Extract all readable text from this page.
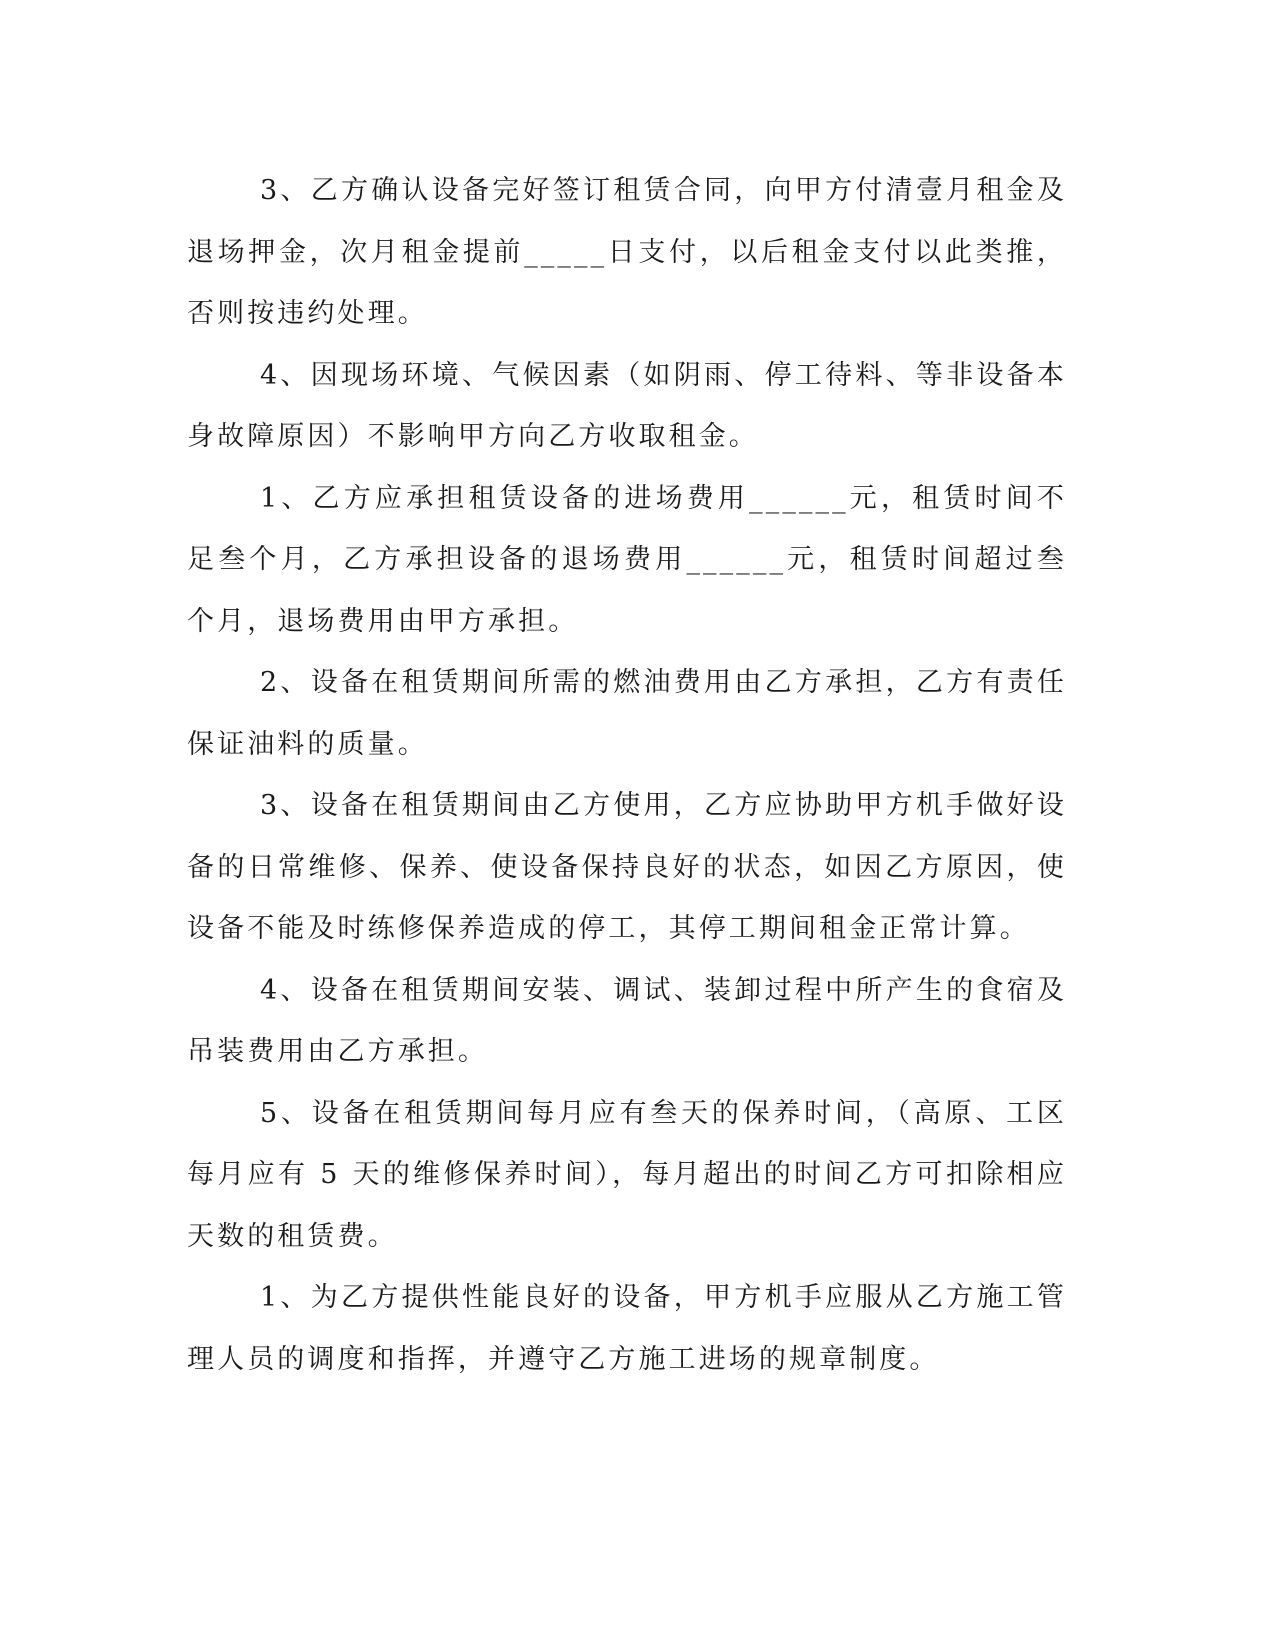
3、乙方确认设备完好签订租赁合同，向甲方付清壹月租金及退场押金，次月租金提前_____日支付，以后租金支付以此类推，否则按违约处理。

4、因现场环境、气候因素（如阴雨、停工待料、等非设备本身故障原因）不影响甲方向乙方收取租金。

1、乙方应承担租赁设备的进场费用______元，租赁时间不足叁个月，乙方承担设备的退场费用______元，租赁时间超过叁个月，退场费用由甲方承担。

2、设备在租赁期间所需的燃油费用由乙方承担，乙方有责任保证油料的质量。

3、设备在租赁期间由乙方使用，乙方应协助甲方机手做好设备的日常维修、保养、使设备保持良好的状态，如因乙方原因，使设备不能及时练修保养造成的停工，其停工期间租金正常计算。

4、设备在租赁期间安装、调试、装卸过程中所产生的食宿及吊装费用由乙方承担。

5、设备在租赁期间每月应有叁天的保养时间，（高原、工区每月应有 5 天的维修保养时间），每月超出的时间乙方可扣除相应天数的租赁费。

1、为乙方提供性能良好的设备，甲方机手应服从乙方施工管理人员的调度和指挥，并遵守乙方施工进场的规章制度。
